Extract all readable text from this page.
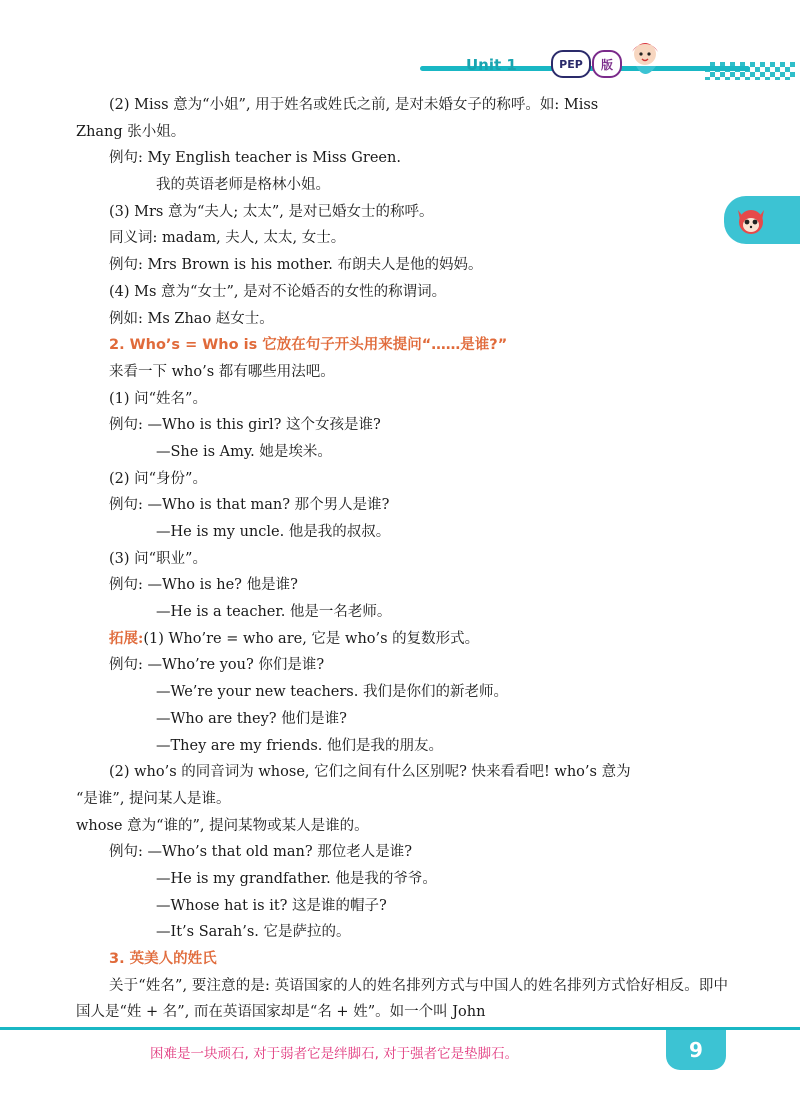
Unit 1	PEP	版
(2) Miss 意为“小姐”, 用于姓名或姓氏之前, 是对未婚女子的称呼。如: Miss
Zhang 张小姐。
例句: My English teacher is Miss Green.
我的英语老师是格林小姐。
(3) Mrs 意为“夫人; 太太”, 是对已婚女士的称呼。
同义词: madam, 夫人, 太太, 女士。
例句: Mrs Brown is his mother. 布朗夫人是他的妈妈。
(4) Ms 意为“女士”, 是对不论婚否的女性的称谓词。
例如: Ms Zhao 赵女士。
2. Who’s = Who is 它放在句子开头用来提问“……是谁?”
来看一下 who’s 都有哪些用法吧。
(1) 问“姓名”。
例句: —Who is this girl? 这个女孩是谁?
—She is Amy. 她是埃米。
(2) 问“身份”。
例句: —Who is that man? 那个男人是谁?
—He is my uncle. 他是我的叔叔。
(3) 问“职业”。
例句: —Who is he? 他是谁?
—He is a teacher. 他是一名老师。
拓展:(1) Who’re = who are, 它是 who’s 的复数形式。
例句: —Who’re you? 你们是谁?
—We’re your new teachers. 我们是你们的新老师。
—Who are they? 他们是谁?
—They are my friends. 他们是我的朋友。
(2) who’s 的同音词为 whose, 它们之间有什么区别呢? 快来看看吧! who’s 意为
“是谁”, 提问某人是谁。
whose 意为“谁的”, 提问某物或某人是谁的。
例句: —Who’s that old man? 那位老人是谁?
—He is my grandfather. 他是我的爷爷。
—Whose hat is it? 这是谁的帽子?
—It’s Sarah’s. 它是萨拉的。
3. 英美人的姓氏
关于“姓名”, 要注意的是: 英语国家的人的姓名排列方式与中国人的姓名排列方式恰好相反。即中国人是“姓 + 名”, 而在英语国家却是“名 + 姓”。如一个叫 John
困难是一块顽石, 对于弱者它是绊脚石, 对于强者它是垫脚石。	9
